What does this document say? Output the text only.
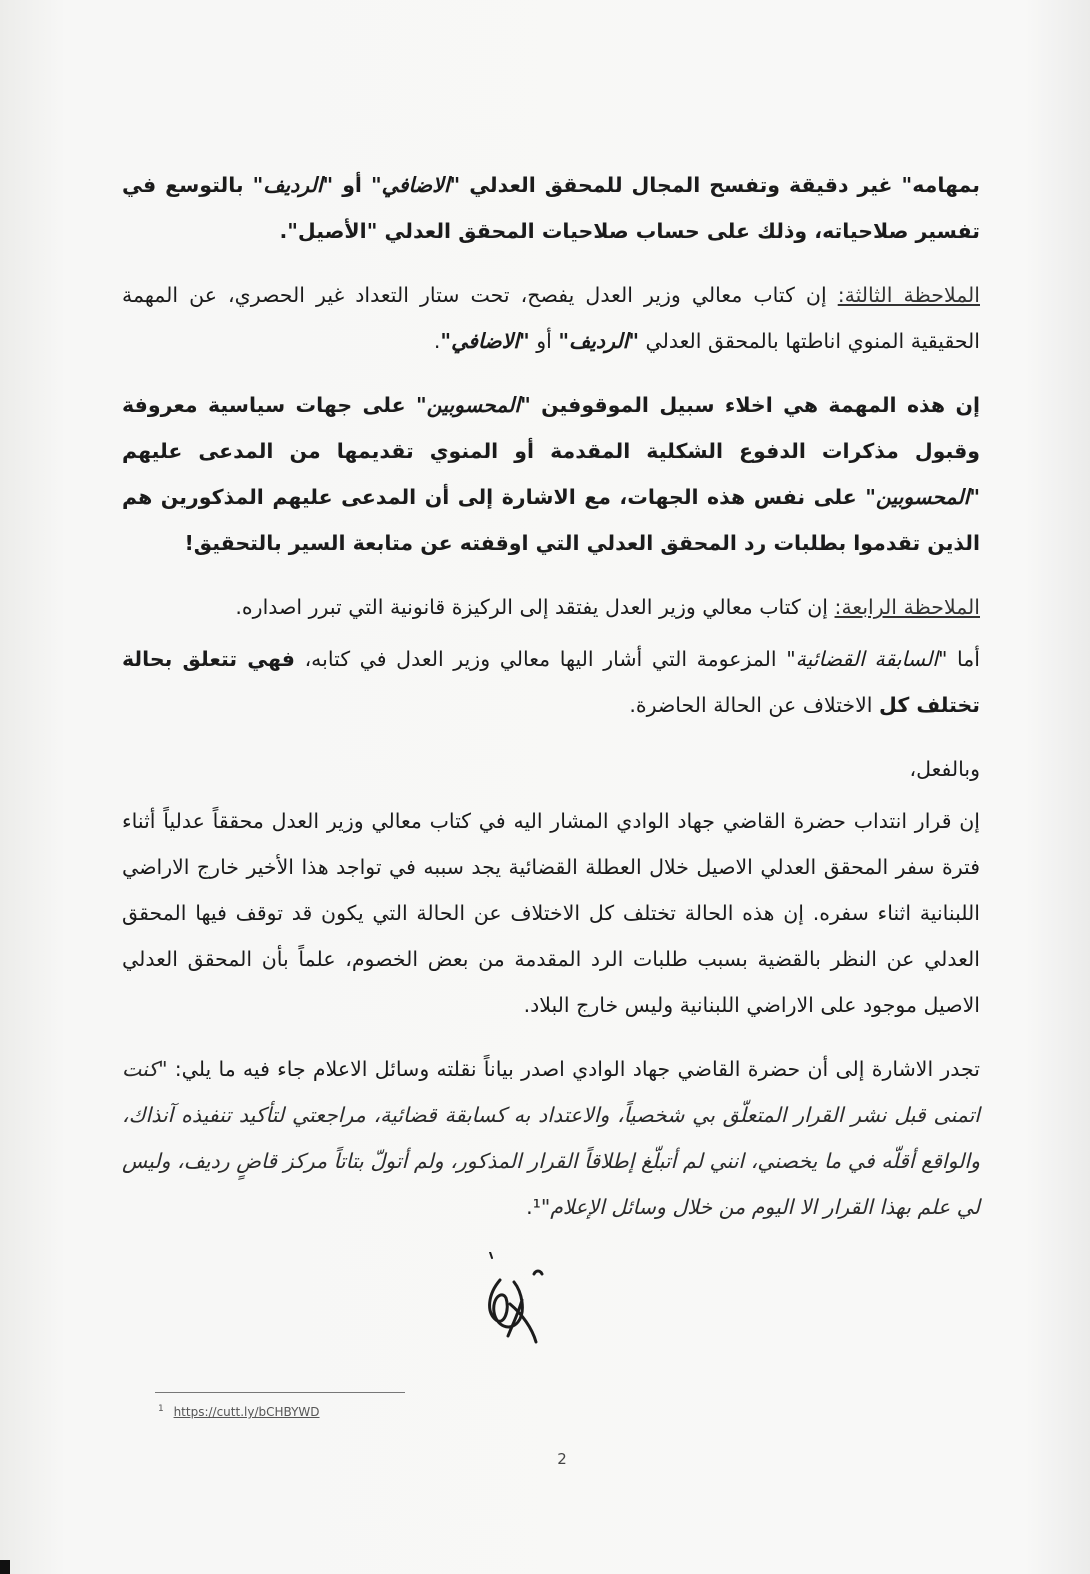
بمهامه" غير دقيقة وتفسح المجال للمحقق العدلي "الاضافي" أو "الرديف" بالتوسع في تفسير صلاحياته، وذلك على حساب صلاحيات المحقق العدلي "الأصيل".

الملاحظة الثالثة: إن كتاب معالي وزير العدل يفصح، تحت ستار التعداد غير الحصري، عن المهمة الحقيقية المنوي اناطتها بالمحقق العدلي "الرديف" أو "الاضافي".

إن هذه المهمة هي اخلاء سبيل الموقوفين "المحسوبين" على جهات سياسية معروفة وقبول مذكرات الدفوع الشكلية المقدمة أو المنوي تقديمها من المدعى عليهم "المحسوبين" على نفس هذه الجهات، مع الاشارة إلى أن المدعى عليهم المذكورين هم الذين تقدموا بطلبات رد المحقق العدلي التي اوقفته عن متابعة السير بالتحقيق!

الملاحظة الرابعة: إن كتاب معالي وزير العدل يفتقد إلى الركيزة قانونية التي تبرر اصداره.

أما "السابقة القضائية" المزعومة التي أشار اليها معالي وزير العدل في كتابه، فهي تتعلق بحالة تختلف كل الاختلاف عن الحالة الحاضرة.

وبالفعل،

إن قرار انتداب حضرة القاضي جهاد الوادي المشار اليه في كتاب معالي وزير العدل محققاً عدلياً أثناء فترة سفر المحقق العدلي الاصيل خلال العطلة القضائية يجد سببه في تواجد هذا الأخير خارج الاراضي اللبنانية اثناء سفره. إن هذه الحالة تختلف كل الاختلاف عن الحالة التي يكون قد توقف فيها المحقق العدلي عن النظر بالقضية بسبب طلبات الرد المقدمة من بعض الخصوم، علماً بأن المحقق العدلي الاصيل موجود على الاراضي اللبنانية وليس خارج البلاد.

تجدر الاشارة إلى أن حضرة القاضي جهاد الوادي اصدر بياناً نقلته وسائل الاعلام جاء فيه ما يلي: "كنت اتمنى قبل نشر القرار المتعلّق بي شخصياً، والاعتداد به كسابقة قضائية، مراجعتي لتأكيد تنفيذه آنذاك، والواقع أقلّه في ما يخصني، انني لم أتبلّغ إطلاقاً القرار المذكور، ولم أتولّ بتاتاً مركز قاضٍ رديف، وليس لي علم بهذا القرار الا اليوم من خلال وسائل الإعلام"¹.

$^1$ https://cutt.ly/bCHBYWD
2
